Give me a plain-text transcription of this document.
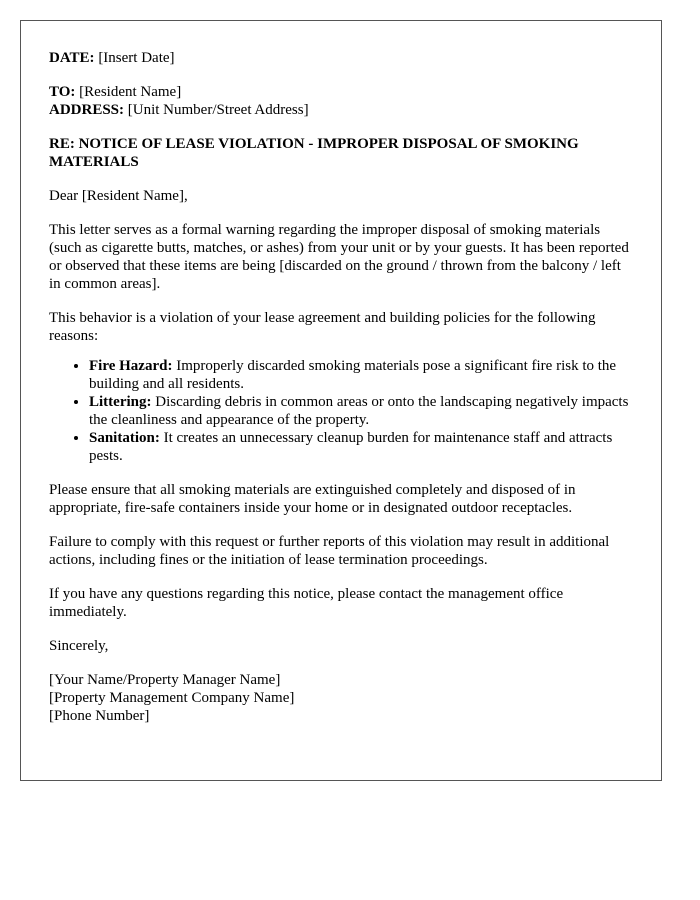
DATE: [Insert Date]
TO: [Resident Name]
ADDRESS: [Unit Number/Street Address]
RE: NOTICE OF LEASE VIOLATION - IMPROPER DISPOSAL OF SMOKING MATERIALS
Dear [Resident Name],
This letter serves as a formal warning regarding the improper disposal of smoking materials (such as cigarette butts, matches, or ashes) from your unit or by your guests. It has been reported or observed that these items are being [discarded on the ground / thrown from the balcony / left in common areas].
This behavior is a violation of your lease agreement and building policies for the following reasons:
• Fire Hazard: Improperly discarded smoking materials pose a significant fire risk to the building and all residents.
• Littering: Discarding debris in common areas or onto the landscaping negatively impacts the cleanliness and appearance of the property.
• Sanitation: It creates an unnecessary cleanup burden for maintenance staff and attracts pests.
Please ensure that all smoking materials are extinguished completely and disposed of in appropriate, fire-safe containers inside your home or in designated outdoor receptacles.
Failure to comply with this request or further reports of this violation may result in additional actions, including fines or the initiation of lease termination proceedings.
If you have any questions regarding this notice, please contact the management office immediately.
Sincerely,
[Your Name/Property Manager Name]
[Property Management Company Name]
[Phone Number]
